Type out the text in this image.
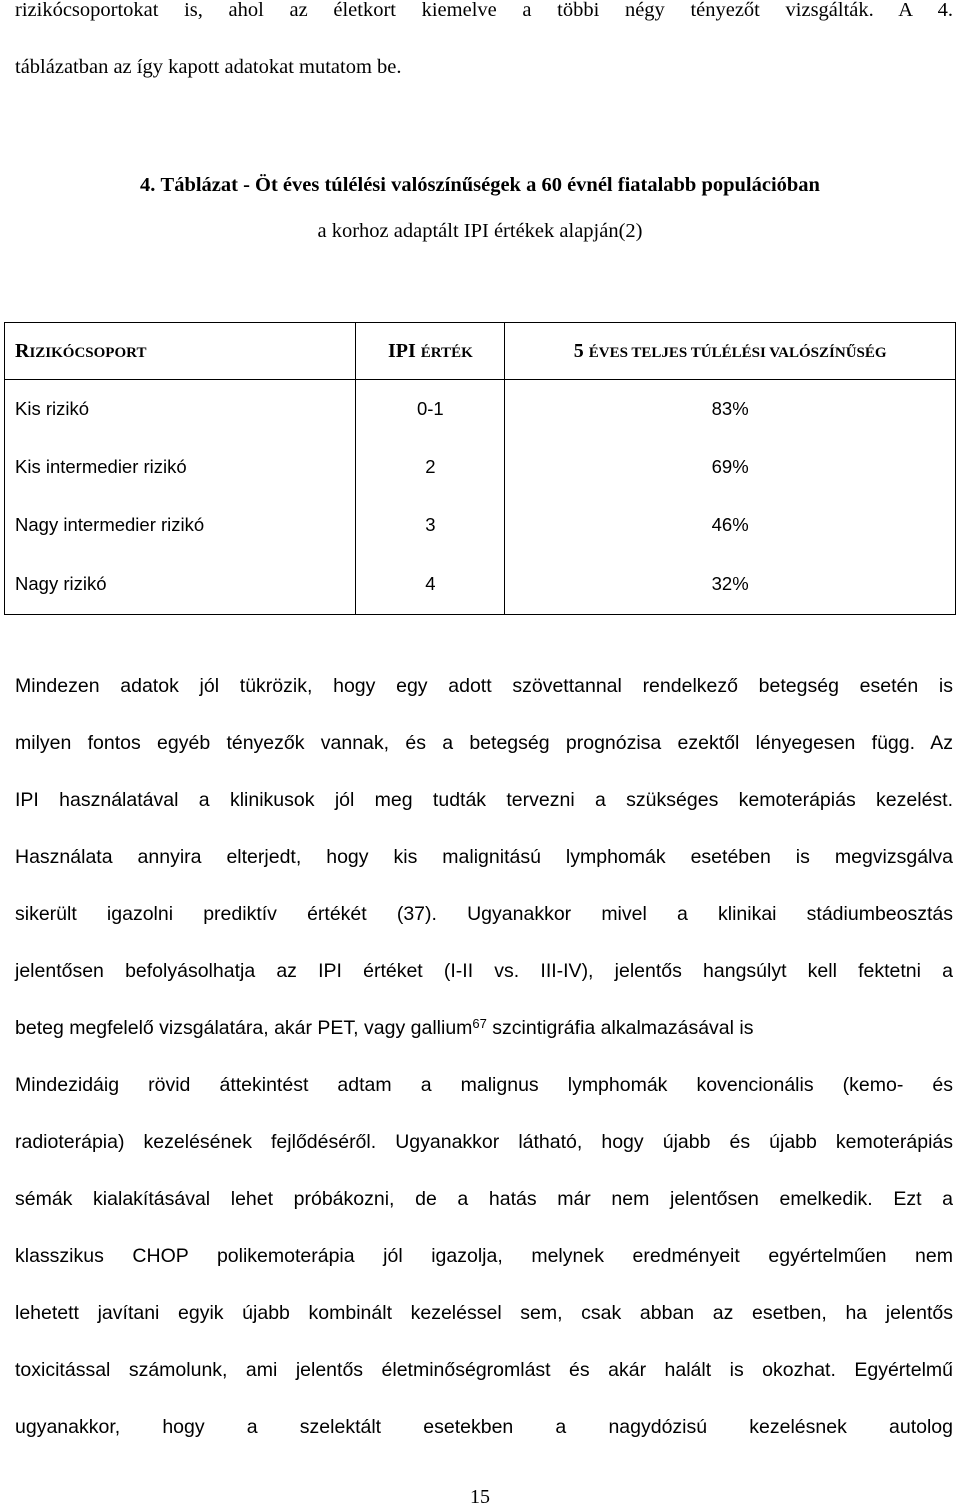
rizikócsoportokat is, ahol az életkort kiemelve a többi négy tényezőt vizsgálták. A 4.
táblázatban az így kapott adatokat mutatom be.
4. Táblázat - Öt éves túlélési valószínűségek a 60 évnél fiatalabb populációban
a korhoz adaptált IPI értékek alapján(2)
RIZIKÓCSOPORT	IPI ÉRTÉK	5 ÉVES TELJES TÚLÉLÉSI VALÓSZÍNŰSÉG
Kis rizikó	0-1	83%
Kis intermedier rizikó	2	69%
Nagy intermedier rizikó	3	46%
Nagy rizikó	4	32%
Mindezen adatok jól tükrözik, hogy egy adott szövettannal rendelkező betegség esetén is
milyen fontos egyéb tényezők vannak, és a betegség prognózisa ezektől lényegesen függ. Az
IPI használatával a klinikusok jól meg tudták tervezni a szükséges kemoterápiás kezelést.
Használata annyira elterjedt, hogy kis malignitású lymphomák esetében is megvizsgálva
sikerült igazolni prediktív értékét (37). Ugyanakkor mivel a klinikai stádiumbeosztás
jelentősen befolyásolhatja az IPI értéket (I-II vs. III-IV), jelentős hangsúlyt kell fektetni a
beteg megfelelő vizsgálatára, akár PET, vagy gallium$^{67}$ szcintigráfia alkalmazásával is
Mindezidáig rövid áttekintést adtam a malignus lymphomák kovencionális (kemo- és
radioterápia) kezelésének fejlődéséről. Ugyanakkor látható, hogy újabb és újabb kemoterápiás
sémák kialakításával lehet próbákozni, de a hatás már nem jelentősen emelkedik. Ezt a
klasszikus CHOP polikemoterápia jól igazolja, melynek eredményeit egyértelműen nem
lehetett javítani egyik újabb kombinált kezeléssel sem, csak abban az esetben, ha jelentős
toxicitással számolunk, ami jelentős életminőségromlást és akár halált is okozhat. Egyértelmű
ugyanakkor, hogy a szelektált esetekben a nagydózisú kezelésnek autolog
15
